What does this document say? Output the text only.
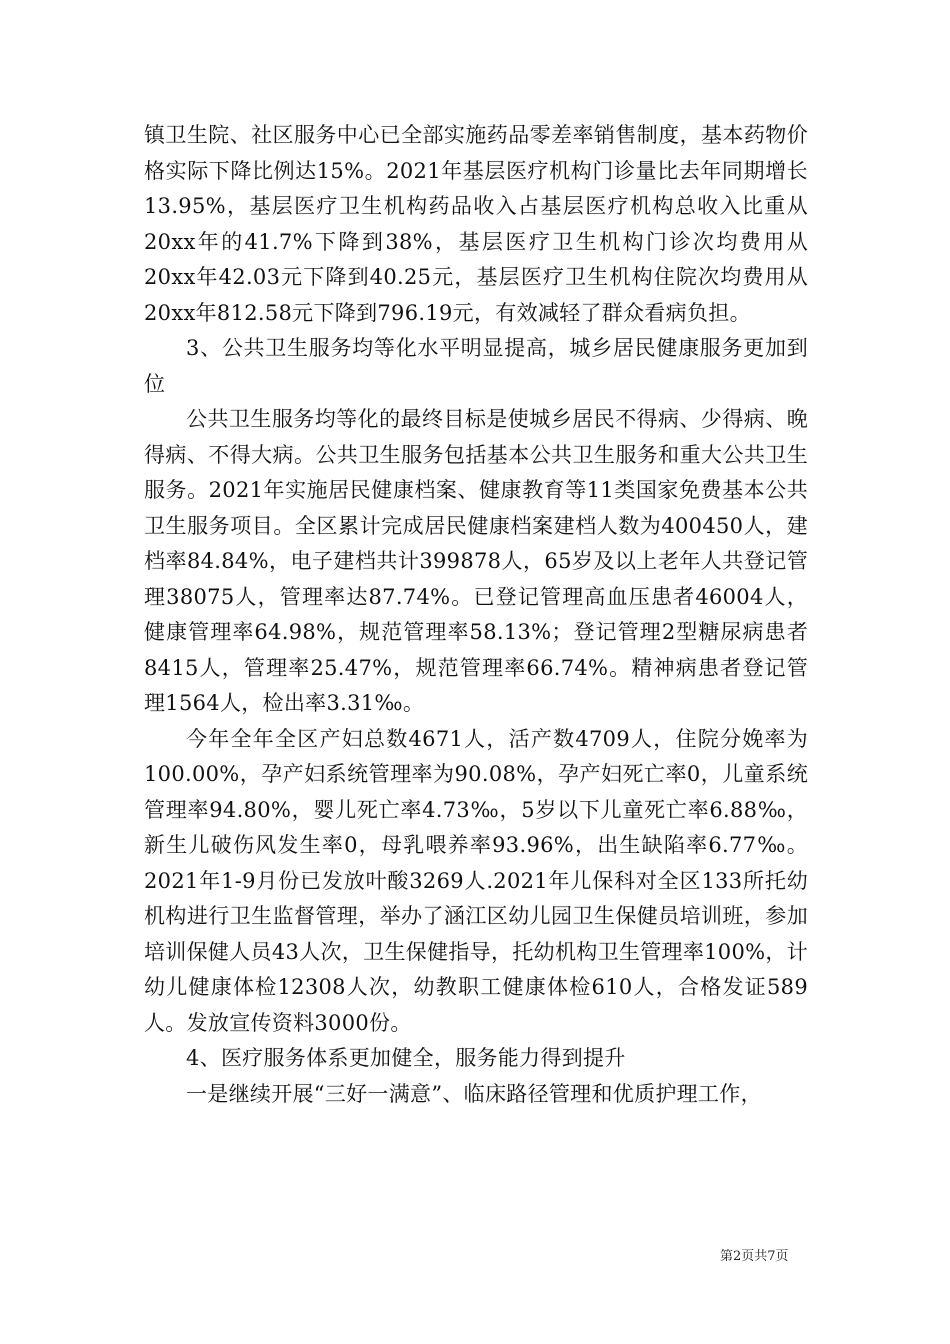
镇卫生院、社区服务中心已全部实施药品零差率销售制度，基本药物价格实际下降比例达15%。2021年基层医疗机构门诊量比去年同期增长13.95%，基层医疗卫生机构药品收入占基层医疗机构总收入比重从20xx年的41.7%下降到38%，基层医疗卫生机构门诊次均费用从20xx年42.03元下降到40.25元，基层医疗卫生机构住院次均费用从20xx年812.58元下降到796.19元，有效减轻了群众看病负担。

3、公共卫生服务均等化水平明显提高，城乡居民健康服务更加到位

公共卫生服务均等化的最终目标是使城乡居民不得病、少得病、晚得病、不得大病。公共卫生服务包括基本公共卫生服务和重大公共卫生服务。2021年实施居民健康档案、健康教育等11类国家免费基本公共卫生服务项目。全区累计完成居民健康档案建档人数为400450人，建档率84.84%，电子建档共计399878人，65岁及以上老年人共登记管理38075人，管理率达87.74%。已登记管理高血压患者46004人，健康管理率64.98%，规范管理率58.13%；登记管理2型糖尿病患者8415人，管理率25.47%，规范管理率66.74%。精神病患者登记管理1564人，检出率3.31‰。

今年全年全区产妇总数4671人，活产数4709人，住院分娩率为100.00%，孕产妇系统管理率为90.08%，孕产妇死亡率0，儿童系统管理率94.80%，婴儿死亡率4.73‰，5岁以下儿童死亡率6.88‰，新生儿破伤风发生率0，母乳喂养率93.96%，出生缺陷率6.77‰。2021年1-9月份已发放叶酸3269人.2021年儿保科对全区133所托幼机构进行卫生监督管理，举办了涵江区幼儿园卫生保健员培训班，参加培训保健人员43人次，卫生保健指导，托幼机构卫生管理率100%，计幼儿健康体检12308人次，幼教职工健康体检610人，合格发证589人。发放宣传资料3000份。

4、医疗服务体系更加健全，服务能力得到提升

一是继续开展“三好一满意”、临床路径管理和优质护理工作，

第2页共7页
